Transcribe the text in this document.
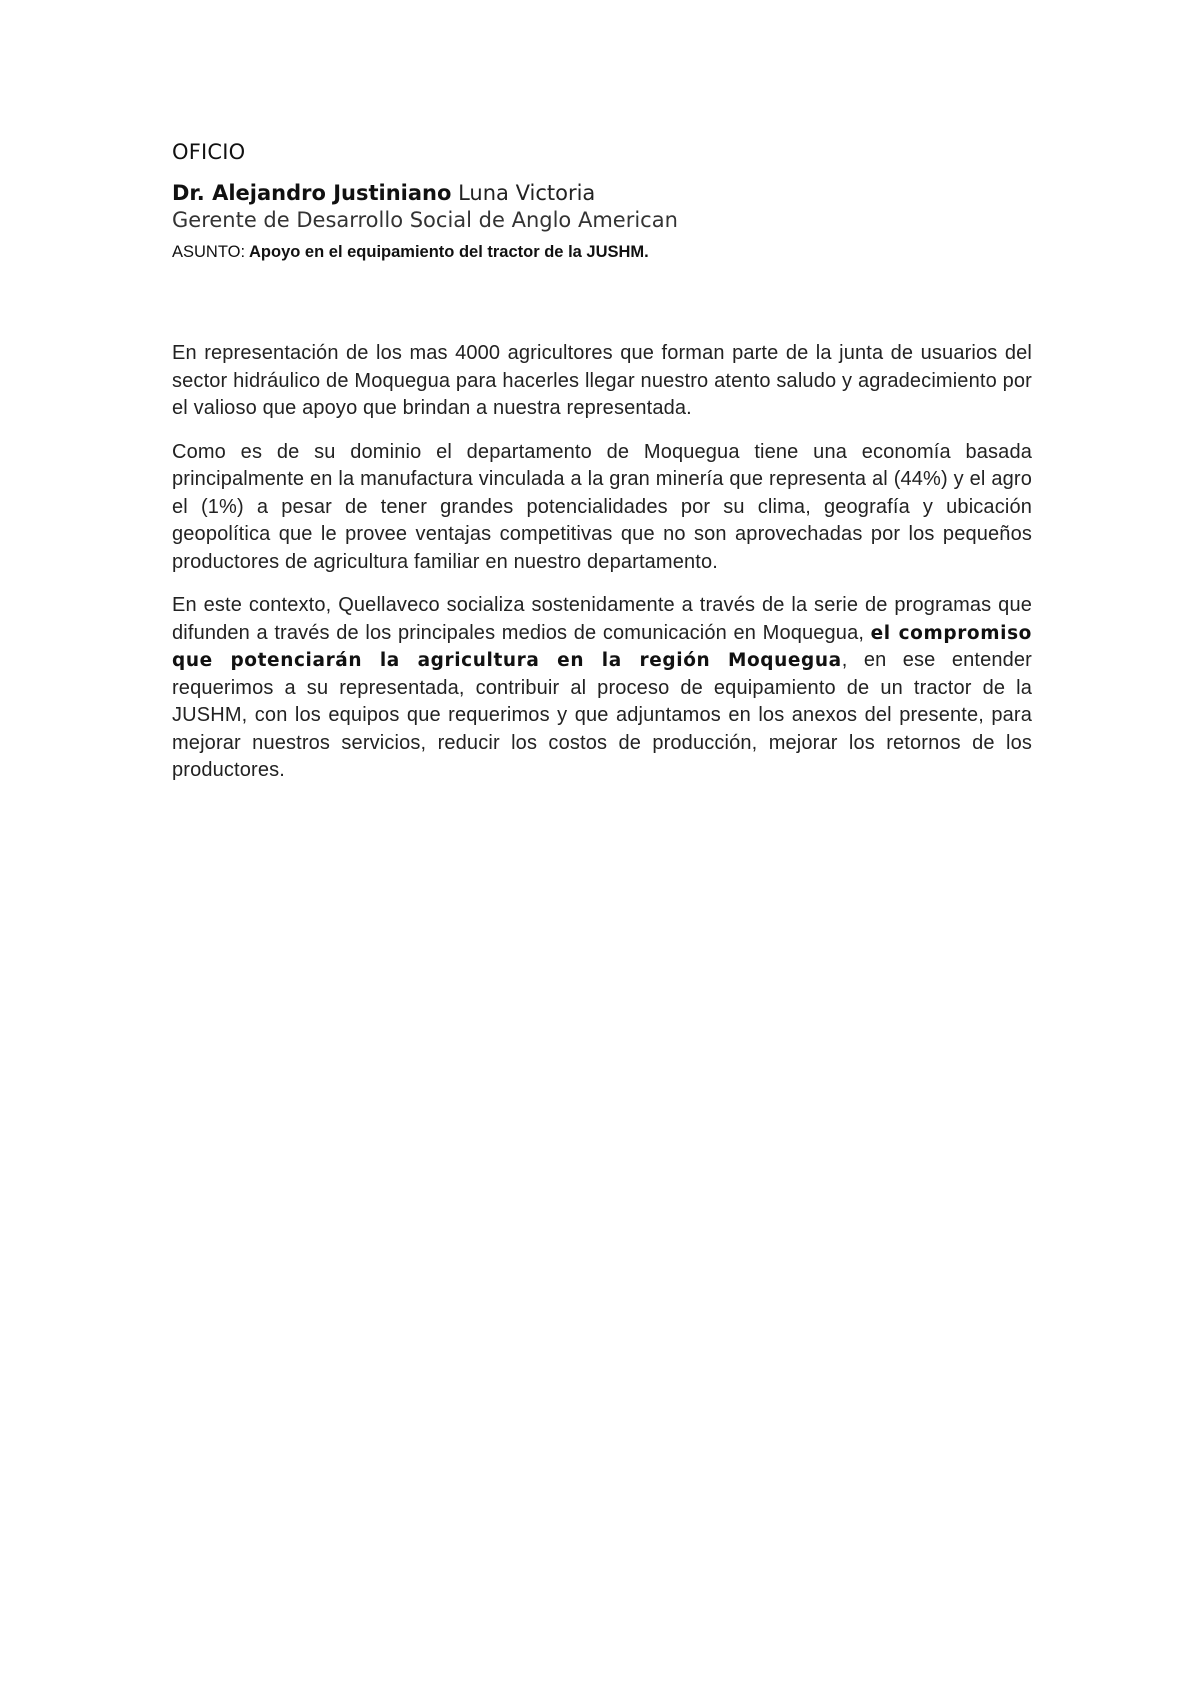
OFICIO
Dr. Alejandro Justiniano Luna Victoria
Gerente de Desarrollo Social de Anglo American
ASUNTO: Apoyo en el equipamiento del tractor de la JUSHM.

En representación de los mas 4000 agricultores que forman parte de la junta de usuarios del sector hidráulico de Moquegua para hacerles llegar nuestro atento saludo y agradecimiento por el valioso que apoyo que brindan a nuestra representada.

Como es de su dominio el departamento de Moquegua tiene una economía basada principalmente en la manufactura vinculada a la gran minería que representa al (44%) y el agro el (1%) a pesar de tener grandes potencialidades por su clima, geografía y ubicación geopolítica que le provee ventajas competitivas que no son aprovechadas por los pequeños productores de agricultura familiar en nuestro departamento.

En este contexto, Quellaveco socializa sostenidamente a través de la serie de programas que difunden a través de los principales medios de comunicación en Moquegua, el compromiso que potenciarán la agricultura en la región Moquegua, en ese entender requerimos a su representada, contribuir al proceso de equipamiento de un tractor de la JUSHM, con los equipos que requerimos y que adjuntamos en los anexos del presente, para mejorar nuestros servicios, reducir los costos de producción, mejorar los retornos de los productores.
